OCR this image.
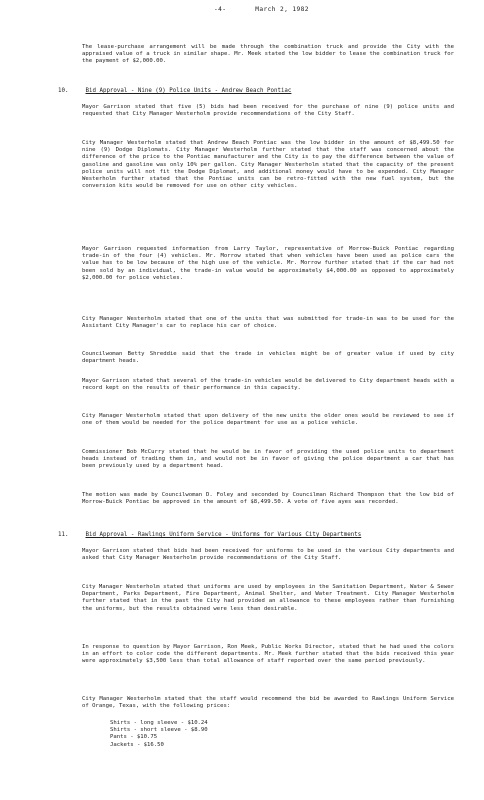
-4-	March 2, 1982
The lease-purchase arrangement will be made through the combination truck and provide the City with the appraised value of a truck in similar shape. Mr. Meek stated the low bidder to lease the combination truck for the payment of $2,000.00.
10.	Bid Approval - Nine (9) Police Units - Andrew Beach Pontiac
Mayor Garrison stated that five (5) bids had been received for the purchase of nine (9) police units and requested that City Manager Westerholm provide recommendations of the City Staff.
City Manager Westerholm stated that Andrew Beach Pontiac was the low bidder in the amount of $8,499.50 for nine (9) Dodge Diplomats. City Manager Westerholm further stated that the staff was concerned about the difference of the price to the Pontiac manufacturer and the City is to pay the difference between the value of gasoline and gasoline was only 10% per gallon. City Manager Westerholm stated that the capacity of the present police units will not fit the Dodge Diplomat, and additional money would have to be expended. City Manager Westerholm further stated that the Pontiac units can be retro-fitted with the new fuel system, but the conversion kits would be removed for use on other city vehicles.
Mayor Garrison requested information from Larry Taylor, representative of Morrow-Buick Pontiac regarding trade-in of the four (4) vehicles. Mr. Morrow stated that when vehicles have been used as police cars the value has to be low because of the high use of the vehicle. Mr. Morrow further stated that if the car had not been sold by an individual, the trade-in value would be approximately $4,000.00 as opposed to approximately $2,000.00 for police vehicles.
City Manager Westerholm stated that one of the units that was submitted for trade-in was to be used for the Assistant City Manager's car to replace his car of choice.
Councilwoman Betty Shreddie said that the trade in vehicles might be of greater value if used by city department heads.
Mayor Garrison stated that several of the trade-in vehicles would be delivered to City department heads with a record kept on the results of their performance in this capacity.
City Manager Westerholm stated that upon delivery of the new units the older ones would be reviewed to see if one of them would be needed for the police department for use as a police vehicle.
Commissioner Bob McCurry stated that he would be in favor of providing the used police units to department heads instead of trading them in, and would not be in favor of giving the police department a car that has been previously used by a department head.
The motion was made by Councilwoman D. Foley and seconded by Councilman Richard Thompson that the low bid of Morrow-Buick Pontiac be approved in the amount of $8,499.50. A vote of five ayes was recorded.
11.	Bid Approval - Rawlings Uniform Service - Uniforms for Various City Departments
Mayor Garrison stated that bids had been received for uniforms to be used in the various City departments and asked that City Manager Westerholm provide recommendations of the City Staff.
City Manager Westerholm stated that uniforms are used by employees in the Sanitation Department, Water & Sewer Department, Parks Department, Fire Department, Animal Shelter, and Water Treatment. City Manager Westerholm further stated that in the past the City had provided an allowance to these employees rather than furnishing the uniforms, but the results obtained were less than desirable.
In response to question by Mayor Garrison, Ron Meek, Public Works Director, stated that he had used the colors in an effort to color code the different departments. Mr. Meek further stated that the bids received this year were approximately $3,500 less than total allowance of staff reported over the same period previously.
City Manager Westerholm stated that the staff would recommend the bid be awarded to Rawlings Uniform Service of Orange, Texas, with the following prices:
Shirts - long sleeve - $10.24
Shirts - short sleeve - $8.90
Pants - $10.75
Jackets - $16.50
